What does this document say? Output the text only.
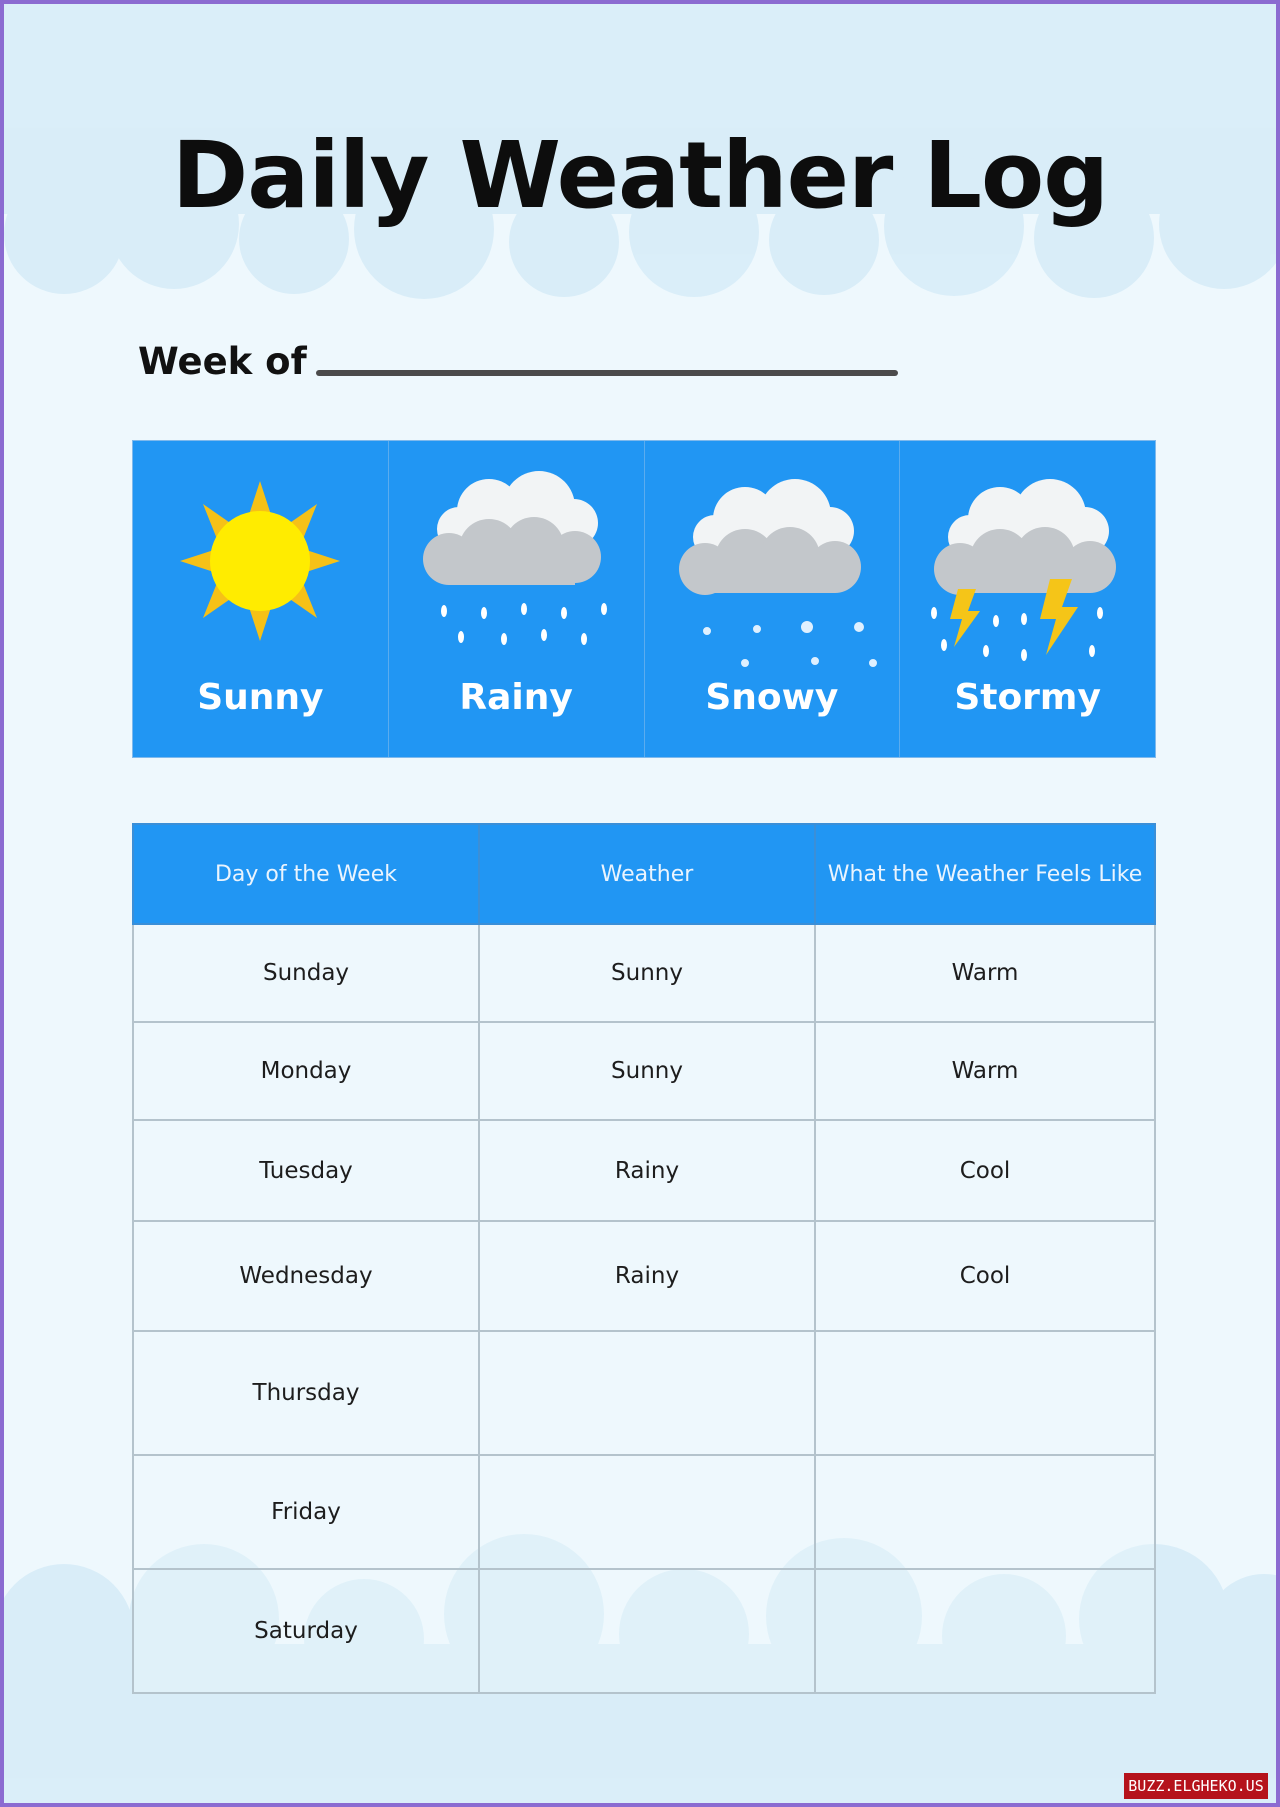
Daily Weather Log
Week of
Sunny	Rainy	Snowy	Stormy
Day of the Week	Weather	What the Weather Feels Like
Sunday	Sunny	Warm
Monday	Sunny	Warm
Tuesday	Rainy	Cool
Wednesday	Rainy	Cool
Thursday		
Friday		
Saturday		
BUZZ.ELGHEKO.US
